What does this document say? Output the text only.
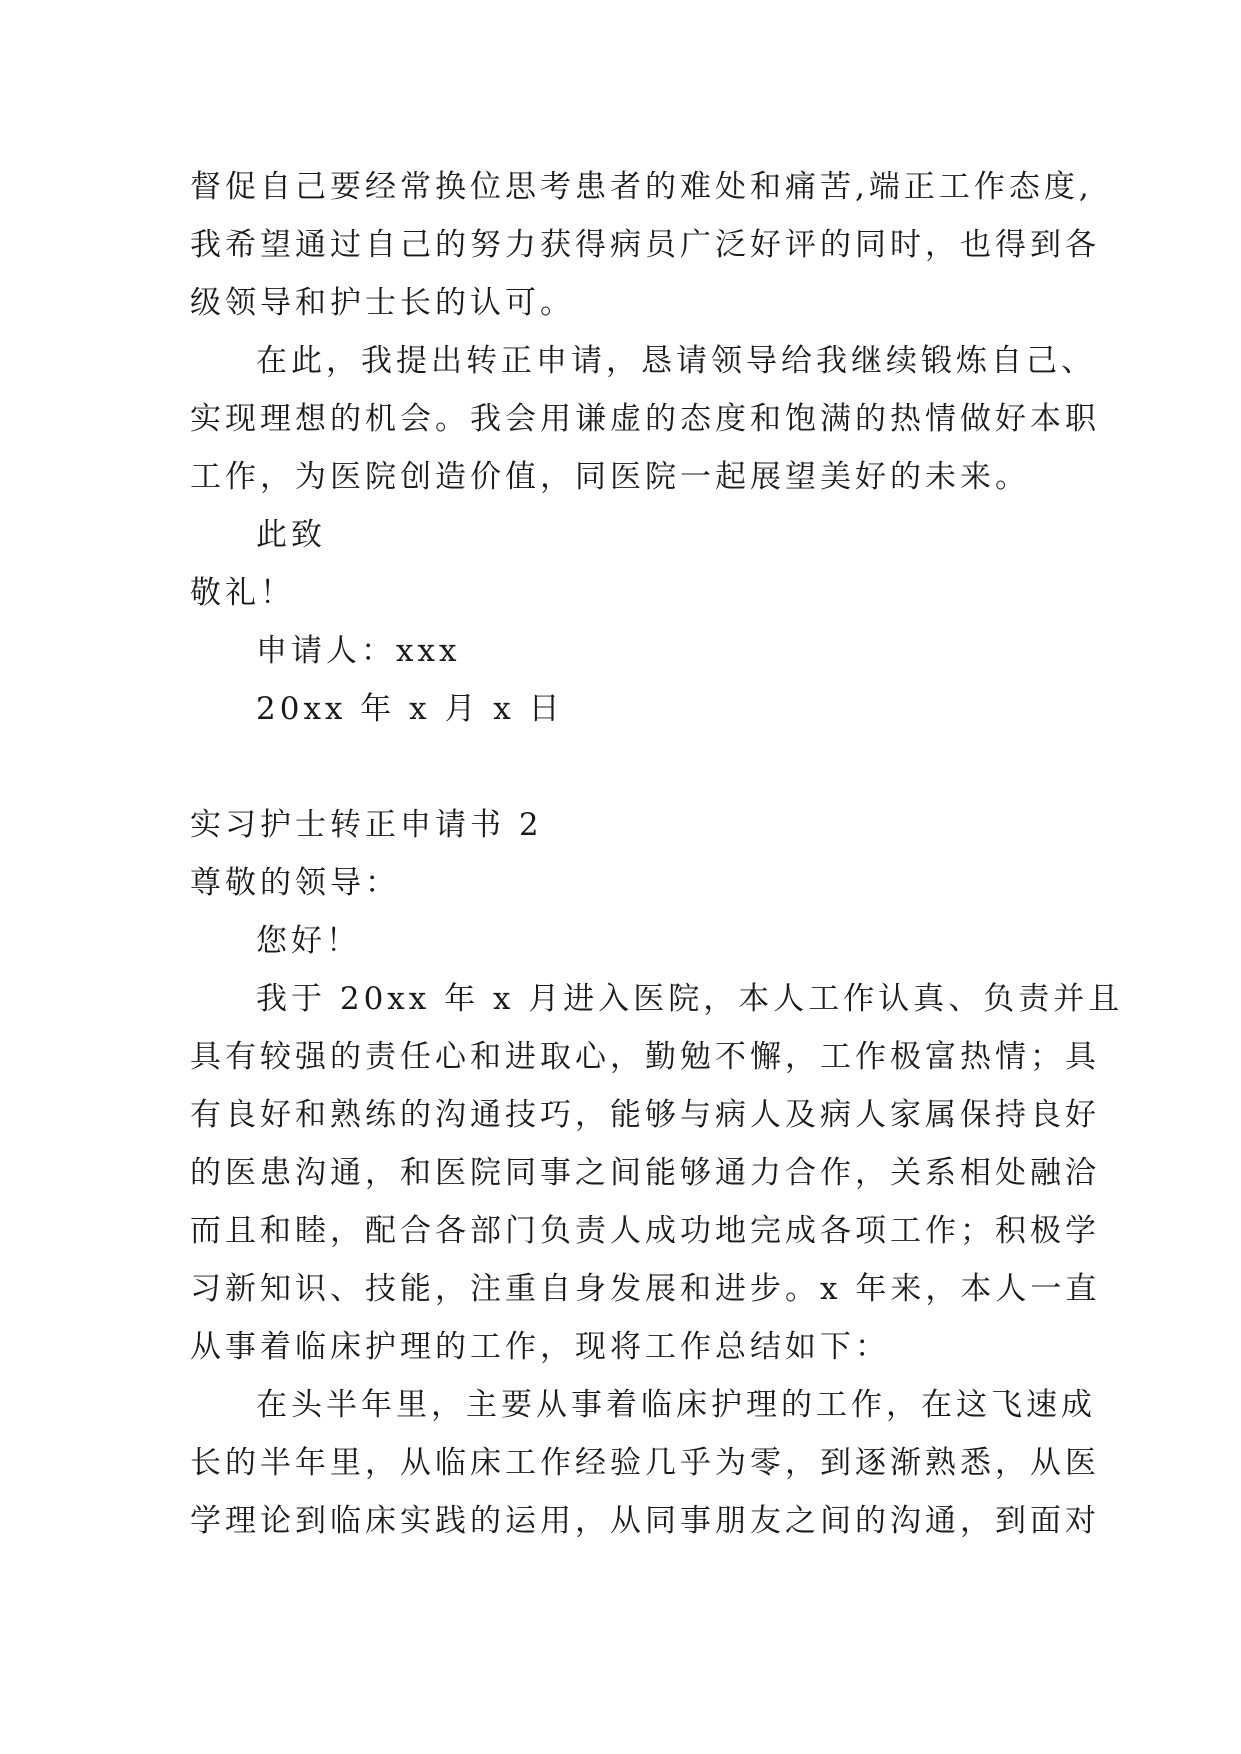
督促自己要经常换位思考患者的难处和痛苦,端正工作态度,
我希望通过自己的努力获得病员广泛好评的同时，也得到各
级领导和护士长的认可。
在此，我提出转正申请，恳请领导给我继续锻炼自己、
实现理想的机会。我会用谦虚的态度和饱满的热情做好本职
工作，为医院创造价值，同医院一起展望美好的未来。
此致
敬礼！
申请人：xxx
20xx 年 x 月 x 日
实习护士转正申请书 2
尊敬的领导：
您好！
我于 20xx 年 x 月进入医院，本人工作认真、负责并且
具有较强的责任心和进取心，勤勉不懈，工作极富热情；具
有良好和熟练的沟通技巧，能够与病人及病人家属保持良好
的医患沟通，和医院同事之间能够通力合作，关系相处融洽
而且和睦，配合各部门负责人成功地完成各项工作；积极学
习新知识、技能，注重自身发展和进步。x 年来，本人一直
从事着临床护理的工作，现将工作总结如下：
在头半年里，主要从事着临床护理的工作，在这飞速成
长的半年里，从临床工作经验几乎为零，到逐渐熟悉，从医
学理论到临床实践的运用，从同事朋友之间的沟通，到面对
